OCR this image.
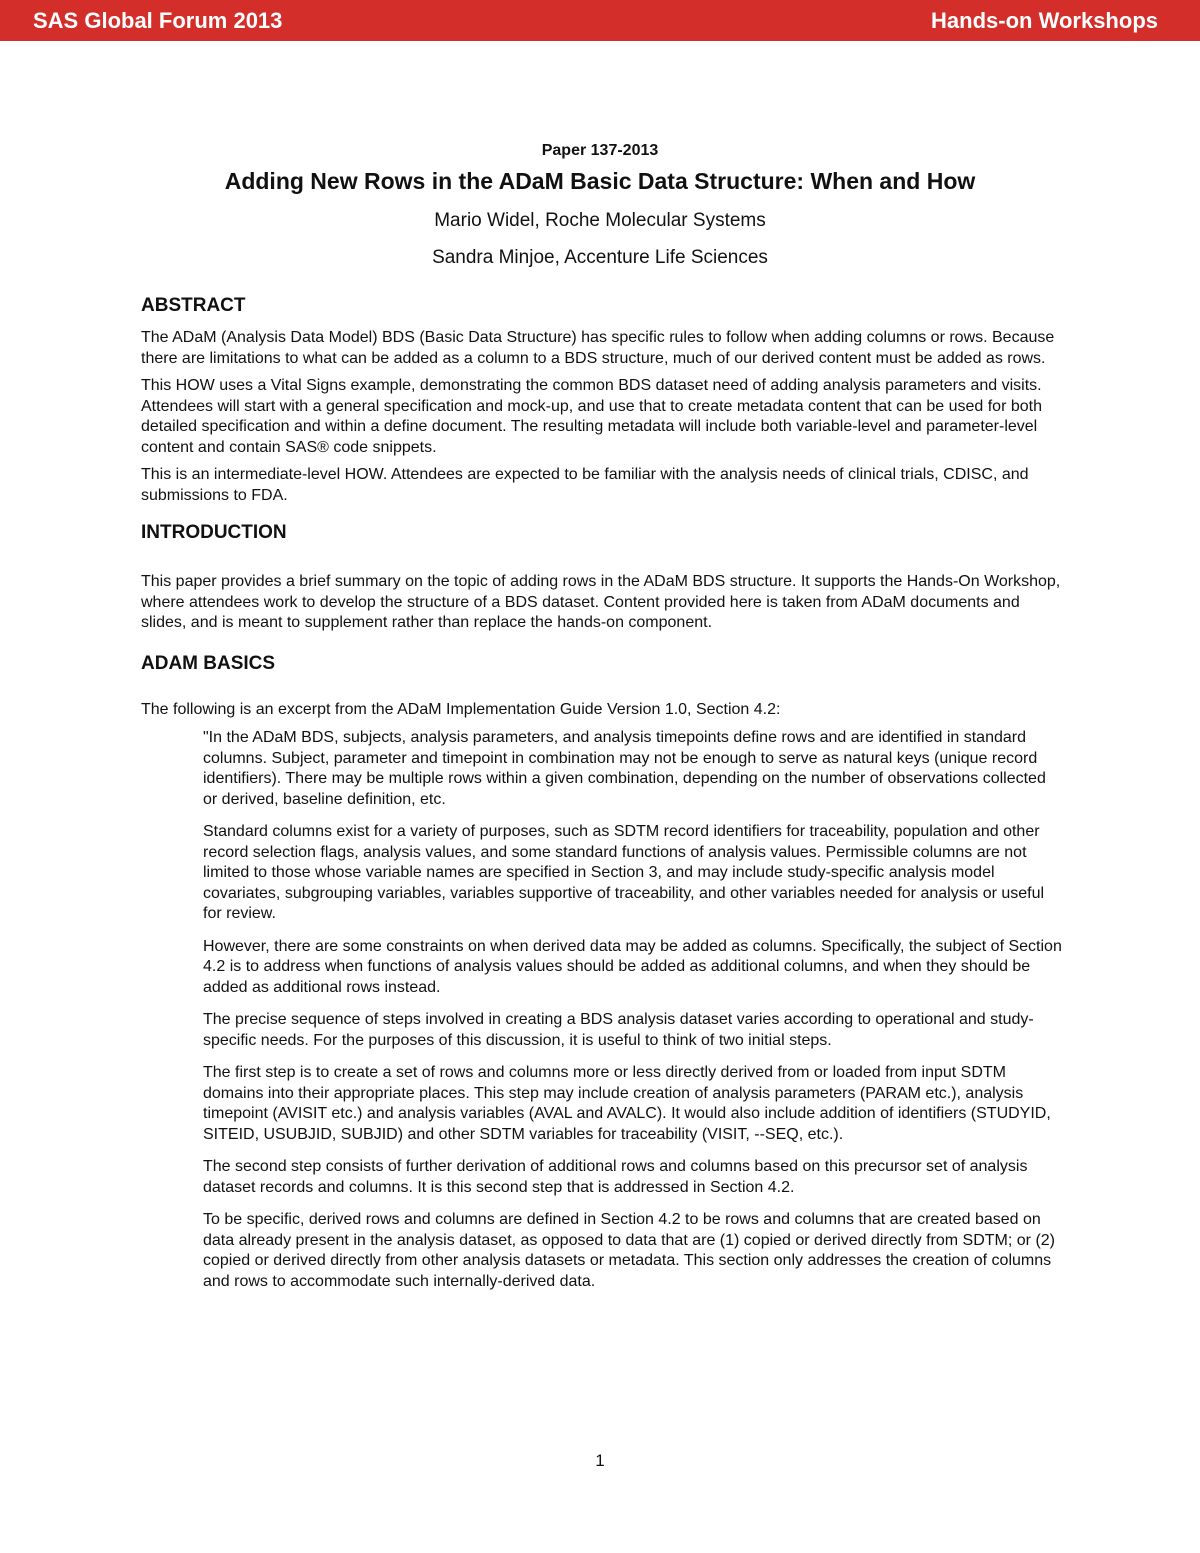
SAS Global Forum 2013	Hands-on Workshops
Paper 137-2013
Adding New Rows in the ADaM Basic Data Structure: When and How
Mario Widel, Roche Molecular Systems
Sandra Minjoe, Accenture Life Sciences
ABSTRACT

The ADaM (Analysis Data Model) BDS (Basic Data Structure) has specific rules to follow when adding columns or rows. Because there are limitations to what can be added as a column to a BDS structure, much of our derived content must be added as rows.

This HOW uses a Vital Signs example, demonstrating the common BDS dataset need of adding analysis parameters and visits. Attendees will start with a general specification and mock-up, and use that to create metadata content that can be used for both detailed specification and within a define document. The resulting metadata will include both variable-level and parameter-level content and contain SAS® code snippets.

This is an intermediate-level HOW. Attendees are expected to be familiar with the analysis needs of clinical trials, CDISC, and submissions to FDA.

INTRODUCTION

This paper provides a brief summary on the topic of adding rows in the ADaM BDS structure. It supports the Hands-On Workshop, where attendees work to develop the structure of a BDS dataset. Content provided here is taken from ADaM documents and slides, and is meant to supplement rather than replace the hands-on component.

ADAM BASICS

The following is an excerpt from the ADaM Implementation Guide Version 1.0, Section 4.2:

"In the ADaM BDS, subjects, analysis parameters, and analysis timepoints define rows and are identified in standard columns. Subject, parameter and timepoint in combination may not be enough to serve as natural keys (unique record identifiers). There may be multiple rows within a given combination, depending on the number of observations collected or derived, baseline definition, etc.

Standard columns exist for a variety of purposes, such as SDTM record identifiers for traceability, population and other record selection flags, analysis values, and some standard functions of analysis values. Permissible columns are not limited to those whose variable names are specified in Section 3, and may include study-specific analysis model covariates, subgrouping variables, variables supportive of traceability, and other variables needed for analysis or useful for review.

However, there are some constraints on when derived data may be added as columns. Specifically, the subject of Section 4.2 is to address when functions of analysis values should be added as additional columns, and when they should be added as additional rows instead.

The precise sequence of steps involved in creating a BDS analysis dataset varies according to operational and study-specific needs. For the purposes of this discussion, it is useful to think of two initial steps.

The first step is to create a set of rows and columns more or less directly derived from or loaded from input SDTM domains into their appropriate places. This step may include creation of analysis parameters (PARAM etc.), analysis timepoint (AVISIT etc.) and analysis variables (AVAL and AVALC). It would also include addition of identifiers (STUDYID, SITEID, USUBJID, SUBJID) and other SDTM variables for traceability (VISIT, --SEQ, etc.).

The second step consists of further derivation of additional rows and columns based on this precursor set of analysis dataset records and columns. It is this second step that is addressed in Section 4.2.

To be specific, derived rows and columns are defined in Section 4.2 to be rows and columns that are created based on data already present in the analysis dataset, as opposed to data that are (1) copied or derived directly from SDTM; or (2) copied or derived directly from other analysis datasets or metadata. This section only addresses the creation of columns and rows to accommodate such internally-derived data.

1
